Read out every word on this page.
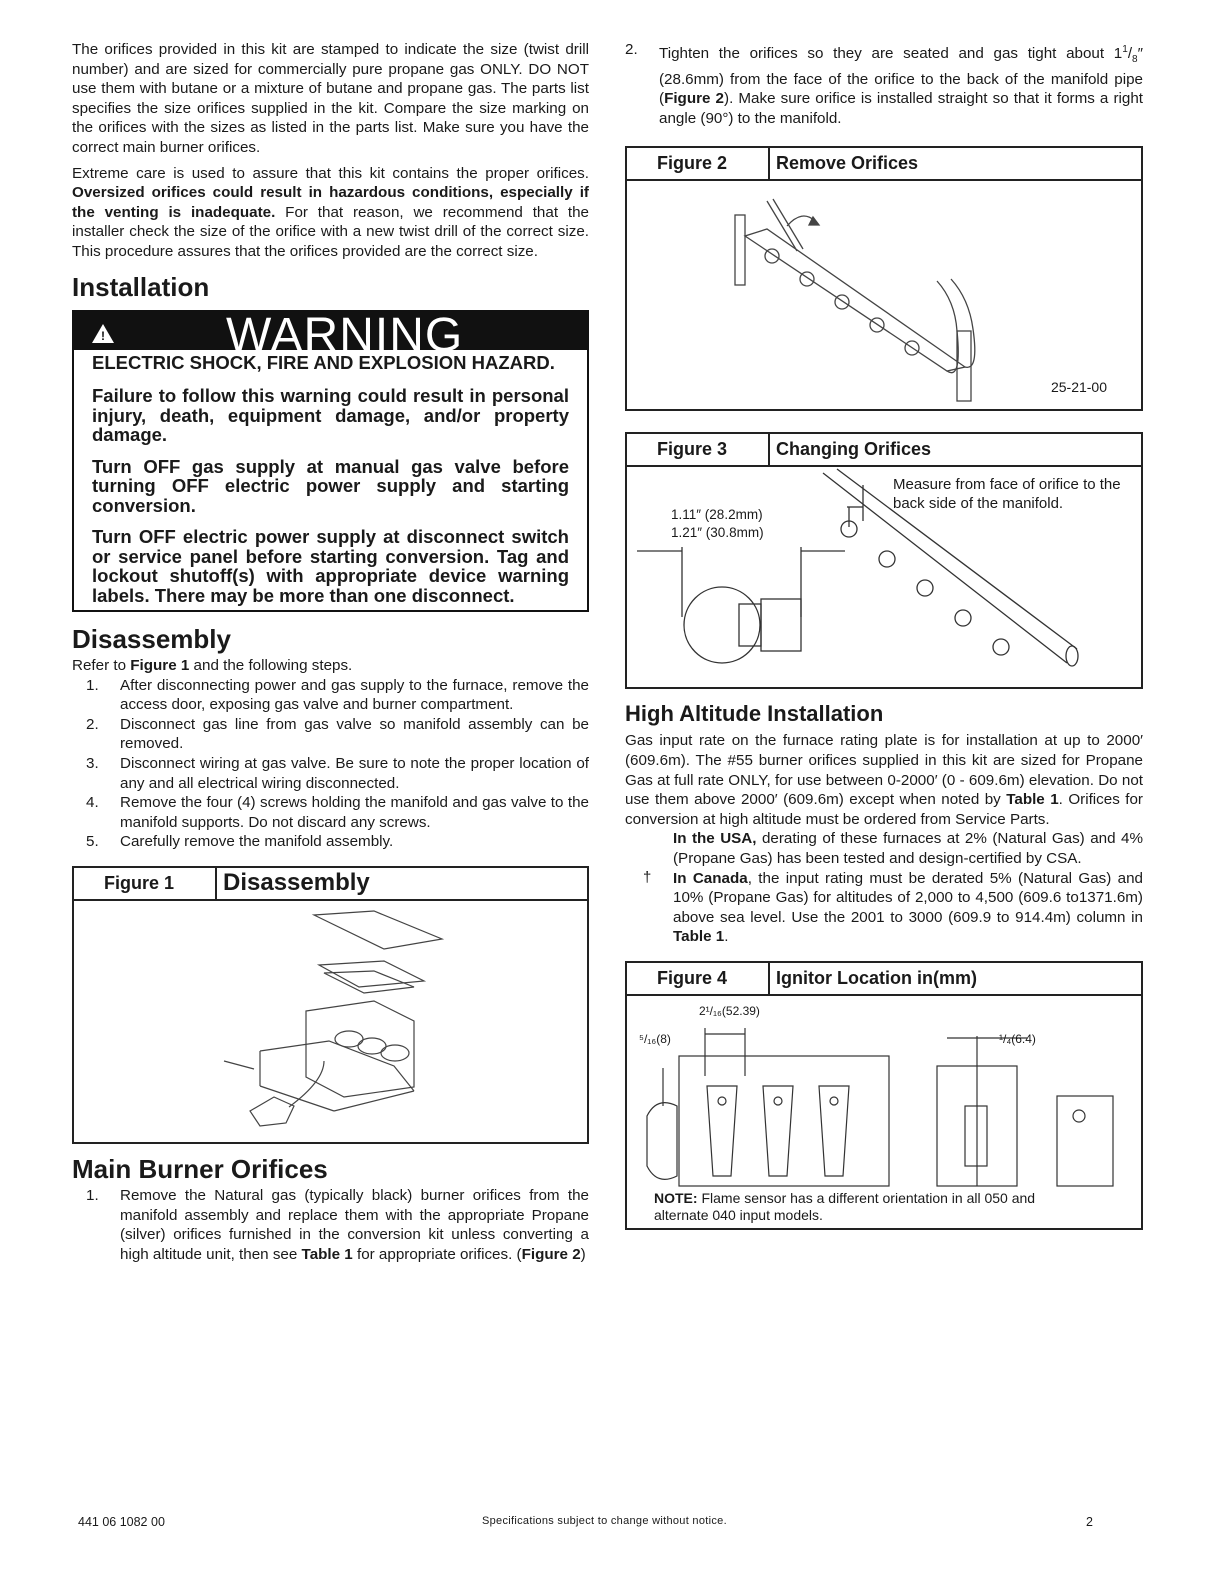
The orifices provided in this kit are stamped to indicate the size (twist drill number) and are sized for commercially pure propane gas ONLY. DO NOT use them with butane or a mixture of butane and propane gas. The parts list specifies the size orifices supplied in the kit. Compare the size marking on the orifices with the sizes as listed in the parts list. Make sure you have the correct main burner orifices.

Extreme care is used to assure that this kit contains the proper orifices. Oversized orifices could result in hazardous conditions, especially if the venting is inadequate. For that reason, we recommend that the installer check the size of the orifice with a new twist drill of the correct size. This procedure assures that the orifices provided are the correct size.

Installation
!	WARNING

ELECTRIC SHOCK, FIRE AND EXPLOSION HAZARD.

Failure to follow this warning could result in personal injury, death, equipment damage, and/or property damage.

Turn OFF gas supply at manual gas valve before turning OFF electric power supply and starting conversion.

Turn OFF electric power supply at disconnect switch or service panel before starting conversion. Tag and lockout shutoff(s) with appropriate device warning labels. There may be more than one disconnect.

Disassembly

Refer to Figure 1 and the following steps.

1.	After disconnecting power and gas supply to the furnace, remove the access door, exposing gas valve and burner compartment.
2.	Disconnect gas line from gas valve so manifold assembly can be removed.
3.	Disconnect wiring at gas valve. Be sure to note the proper location of any and all electrical wiring disconnected.
4.	Remove the four (4) screws holding the manifold and gas valve to the manifold supports. Do not discard any screws.
5.	Carefully remove the manifold assembly.
Figure 1	Disassembly
Main Burner Orifices
1.	Remove the Natural gas (typically black) burner orifices from the manifold assembly and replace them with the appropriate Propane (silver) orifices furnished in the conversion kit unless converting a high altitude unit, then see Table 1 for appropriate orifices. (Figure 2)
2.	Tighten the orifices so they are seated and gas tight about $1^1/_8''$ (28.6mm) from the face of the orifice to the back of the manifold pipe (Figure 2). Make sure orifice is installed straight so that it forms a right angle (90°) to the manifold.
Figure 2	Remove Orifices
25-21-00
Figure 3	Changing Orifices
1.11″ (28.2mm)
1.21″ (30.8mm)
Measure from face of orifice to the back side of the manifold.
High Altitude Installation

Gas input rate on the furnace rating plate is for installation at up to 2000′ (609.6m). The #55 burner orifices supplied in this kit are sized for Propane Gas at full rate ONLY, for use between 0-2000′ (0 - 609.6m) elevation. Do not use them above 2000′ (609.6m) except when noted by Table 1. Orifices for conversion at high altitude must be ordered from Service Parts.

In the USA, derating of these furnaces at 2% (Natural Gas) and 4% (Propane Gas) has been tested and design-certified by CSA.

†	In Canada, the input rating must be derated 5% (Natural Gas) and 10% (Propane Gas) for altitudes of 2,000 to 4,500 (609.6 to1371.6m) above sea level. Use the 2001 to 3000 (609.9 to 914.4m) column in Table 1.

Figure 4	Ignitor Location in(mm)
2¹/₁₆(52.39)
⁵/₁₆(8)	¹/₄(6.4)
NOTE: Flame sensor has a different orientation in all 050 and alternate 040 input models.
441 06 1082 00	Specifications subject to change without notice.	2
